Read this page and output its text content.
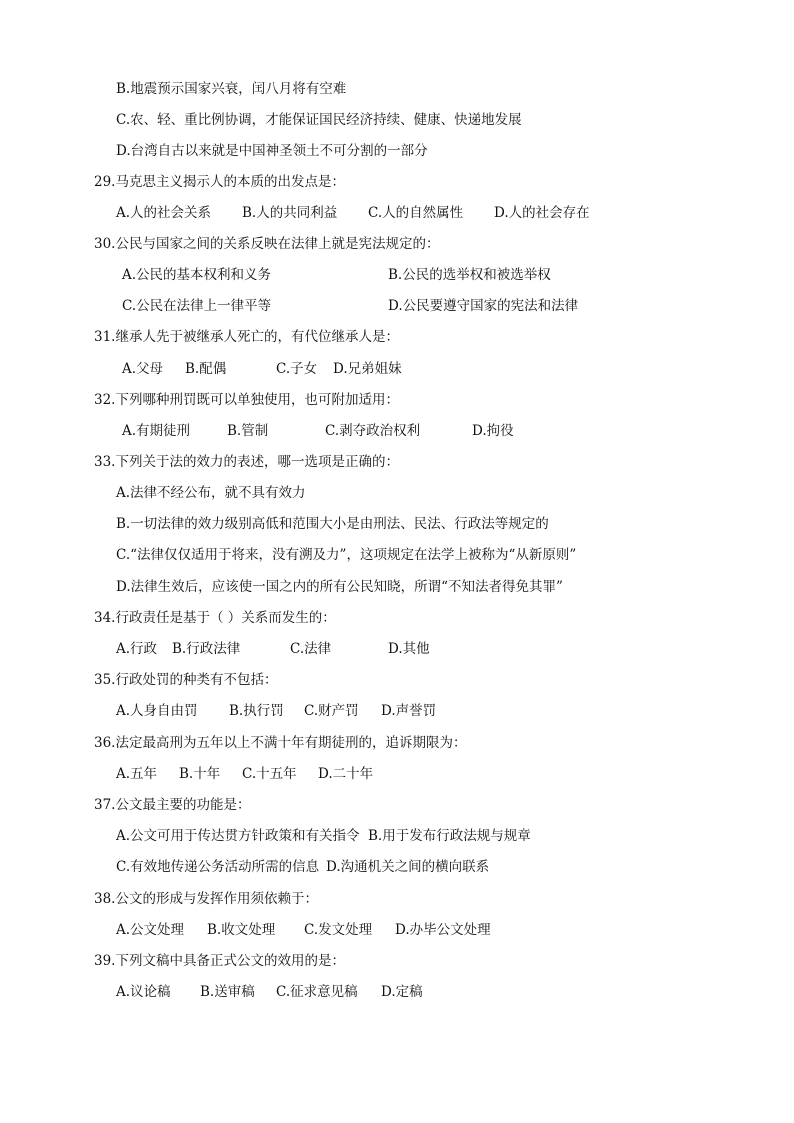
B.地震预示国家兴衰，闰八月将有空难
C.农、轻、重比例协调，才能保证国民经济持续、健康、快递地发展
D.台湾自古以来就是中国神圣领土不可分割的一部分
29.马克思主义揭示人的本质的出发点是：
A.人的社会关系 B.人的共同利益 C.人的自然属性 D.人的社会存在
30.公民与国家之间的关系反映在法律上就是宪法规定的：
A.公民的基本权利和义务	B.公民的选举权和被选举权
C.公民在法律上一律平等	D.公民要遵守国家的宪法和法律
31.继承人先于被继承人死亡的，有代位继承人是：
A.父母 B.配偶	C.子女 D.兄弟姐妹
32.下列哪种刑罚既可以单独使用，也可附加适用：
A.有期徒刑	B.管制	C.剥夺政治权利	D.拘役
33.下列关于法的效力的表述，哪一选项是正确的：
A.法律不经公布，就不具有效力
B.一切法律的效力级别高低和范围大小是由刑法、民法、行政法等规定的
C.“法律仅仅适用于将来，没有溯及力”，这项规定在法学上被称为“从新原则”
D.法律生效后，应该使一国之内的所有公民知晓，所谓“不知法者得免其罪”
34.行政责任是基于（ ）关系而发生的：
A.行政 B.行政法律	C.法律	D.其他
35.行政处罚的种类有不包括：
A.人身自由罚 B.执行罚 C.财产罚 D.声誉罚
36.法定最高刑为五年以上不满十年有期徒刑的，追诉期限为：
A.五年 B.十年 C.十五年 D.二十年
37.公文最主要的功能是：
A.公文可用于传达贯方针政策和有关指令 B.用于发布行政法规与规章
C.有效地传递公务活动所需的信息 D.沟通机关之间的横向联系
38.公文的形成与发挥作用须依赖于：
A.公文处理 B.收文处理 C.发文处理 D.办毕公文处理
39.下列文稿中具备正式公文的效用的是：
A.议论稿 B.送审稿 C.征求意见稿 D.定稿
